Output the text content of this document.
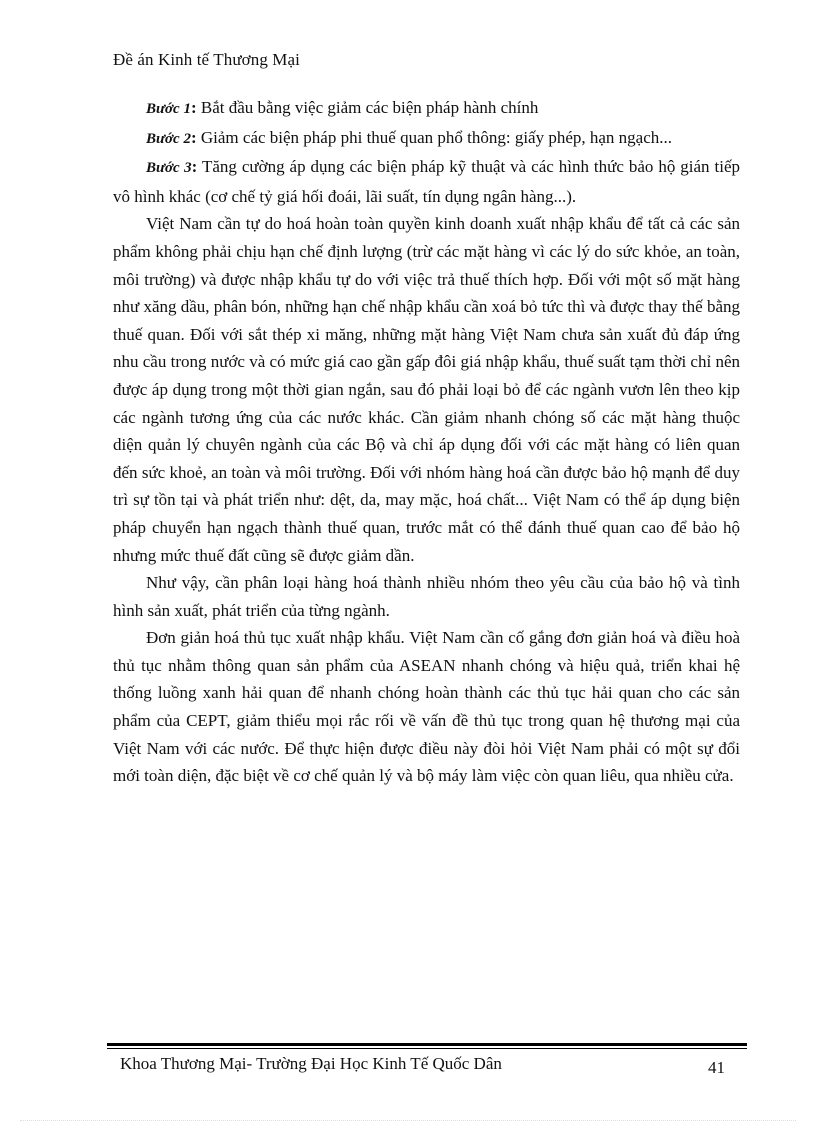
Đề án Kinh tế Thương Mại

Bước 1: Bắt đầu bằng việc giảm các biện pháp hành chính

Bước 2: Giảm các biện pháp phi thuế quan phổ thông: giấy phép, hạn ngạch...

Bước 3: Tăng cường áp dụng các biện pháp kỹ thuật và các hình thức bảo hộ gián tiếp vô hình khác (cơ chế tỷ giá hối đoái, lãi suất, tín dụng ngân hàng...).

Việt Nam cần tự do hoá hoàn toàn quyền kinh doanh xuất nhập khẩu để tất cả các sản phẩm không phải chịu hạn chế định lượng (trừ các mặt hàng vì các lý do sức khỏe, an toàn, môi trường) và được nhập khẩu tự do với việc trả thuế thích hợp. Đối với một số mặt hàng như xăng dầu, phân bón, những hạn chế nhập khẩu cần xoá bỏ tức thì và được thay thế bằng thuế quan. Đối với sắt thép xi măng, những mặt hàng Việt Nam chưa sản xuất đủ đáp ứng nhu cầu trong nước và có mức giá cao gần gấp đôi giá nhập khẩu, thuế suất tạm thời chỉ nên được áp dụng trong một thời gian ngắn, sau đó phải loại bỏ để các ngành vươn lên theo kịp các ngành tương ứng của các nước khác. Cần giảm nhanh chóng số các mặt hàng thuộc diện quản lý chuyên ngành của các Bộ và chỉ áp dụng đối với các mặt hàng có liên quan đến sức khoẻ, an toàn và môi trường. Đối với nhóm hàng hoá cần được bảo hộ mạnh để duy trì sự tồn tại và phát triển như: dệt, da, may mặc, hoá chất... Việt Nam có thể áp dụng biện pháp chuyển hạn ngạch thành thuế quan, trước mắt có thể đánh thuế quan cao để bảo hộ nhưng mức thuế đất cũng sẽ được giảm dần.

Như vậy, cần phân loại hàng hoá thành nhiều nhóm theo yêu cầu của bảo hộ và tình hình sản xuất, phát triển của từng ngành.

Đơn giản hoá thủ tục xuất nhập khẩu. Việt Nam cần cố gắng đơn giản hoá và điều hoà thủ tục nhằm thông quan sản phẩm của ASEAN nhanh chóng và hiệu quả, triển khai hệ thống luồng xanh hải quan để nhanh chóng hoàn thành các thủ tục hải quan cho các sản phẩm của CEPT, giảm thiểu mọi rắc rối về vấn đề thủ tục trong quan hệ thương mại của Việt Nam với các nước. Để thực hiện được điều này đòi hỏi Việt Nam phải có một sự đổi mới toàn diện, đặc biệt về cơ chế quản lý và bộ máy làm việc còn quan liêu, qua nhiều cửa.

Khoa Thương Mại- Trường Đại Học Kinh Tế Quốc Dân	41
